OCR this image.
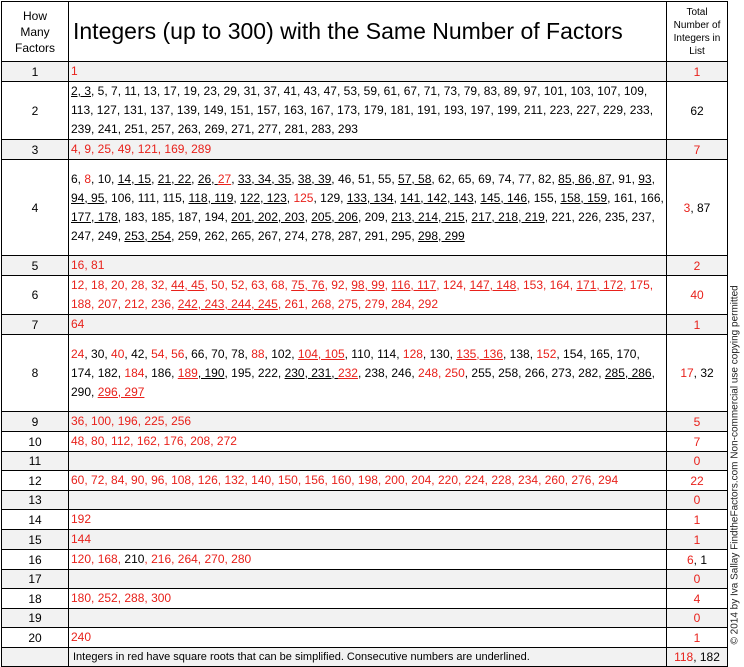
How Many Factors	Integers (up to 300) with the Same Number of Factors	Total Number of Integers in List

1	1	1
2	2, 3, 5, 7, 11, 13, 17, 19, 23, 29, 31, 37, 41, 43, 47, 53, 59, 61, 67, 71, 73, 79, 83, 89, 97, 101, 103, 107, 109, 113, 127, 131, 137, 139, 149, 151, 157, 163, 167, 173, 179, 181, 191, 193, 197, 199, 211, 223, 227, 229, 233, 239, 241, 251, 257, 263, 269, 271, 277, 281, 283, 293	62
3	4, 9, 25, 49, 121, 169, 289	7
4	6, 8, 10, 14, 15, 21, 22, 26, 27, 33, 34, 35, 38, 39, 46, 51, 55, 57, 58, 62, 65, 69, 74, 77, 82, 85, 86, 87, 91, 93, 94, 95, 106, 111, 115, 118, 119, 122, 123, 125, 129, 133, 134, 141, 142, 143, 145, 146, 155, 158, 159, 161, 166, 177, 178, 183, 185, 187, 194, 201, 202, 203, 205, 206, 209, 213, 214, 215, 217, 218, 219, 221, 226, 235, 237, 247, 249, 253, 254, 259, 262, 265, 267, 274, 278, 287, 291, 295, 298, 299	3, 87
5	16, 81	2
6	12, 18, 20, 28, 32, 44, 45, 50, 52, 63, 68, 75, 76, 92, 98, 99, 116, 117, 124, 147, 148, 153, 164, 171, 172, 175, 188, 207, 212, 236, 242, 243, 244, 245, 261, 268, 275, 279, 284, 292	40
7	64	1
8	24, 30, 40, 42, 54, 56, 66, 70, 78, 88, 102, 104, 105, 110, 114, 128, 130, 135, 136, 138, 152, 154, 165, 170, 174, 182, 184, 186, 189, 190, 195, 222, 230, 231, 232, 238, 246, 248, 250, 255, 258, 266, 273, 282, 285, 286, 290, 296, 297	17, 32
9	36, 100, 196, 225, 256	5
10	48, 80, 112, 162, 176, 208, 272	7
11		0
12	60, 72, 84, 90, 96, 108, 126, 132, 140, 150, 156, 160, 198, 200, 204, 220, 224, 228, 234, 260, 276, 294	22
13		0
14	192	1
15	144	1
16	120, 168, 210, 216, 264, 270, 280	6, 1
17		0
18	180, 252, 288, 300	4
19		0
20	240	1
	Integers in red have square roots that can be simplified. Consecutive numbers are underlined.	118, 182
© 2014 by Iva Sallay FindtheFactors.com Non-commercial use copying permitted
